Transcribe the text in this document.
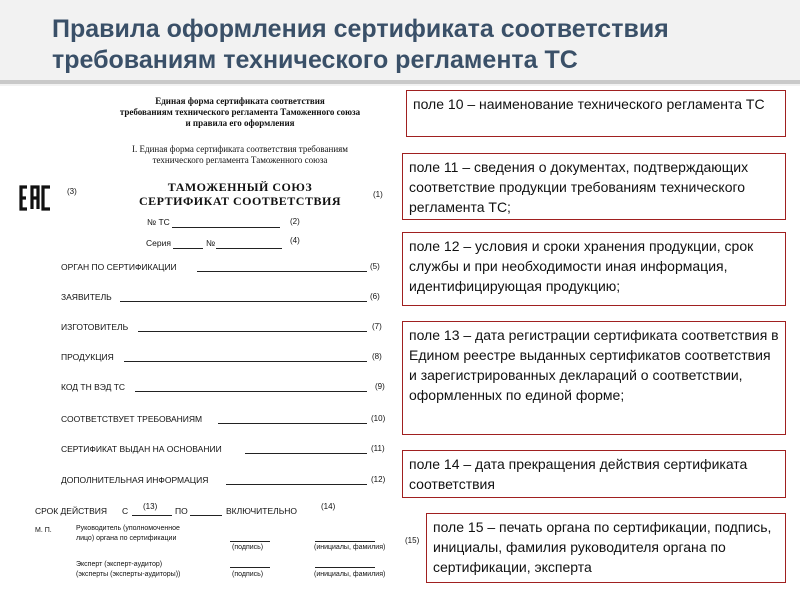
Правила оформления сертификата соответствия
требованиям технического регламента ТС
Единая форма сертификата соответствия
требованиям технического регламента Таможенного союза
и правила его оформления
I. Единая форма сертификата соответствия требованиям
технического регламента Таможенного союза
(3)	ТАМОЖЕННЫЙ СОЮЗ
СЕРТИФИКАТ СООТВЕТСТВИЯ	(1)
№ ТС	(2)
Серия	№	(4)
ОРГАН ПО СЕРТИФИКАЦИИ	(5)
ЗАЯВИТЕЛЬ	(6)
ИЗГОТОВИТЕЛЬ	(7)
ПРОДУКЦИЯ	(8)
КОД ТН ВЭД ТС	(9)
СООТВЕТСТВУЕТ ТРЕБОВАНИЯМ	(10)
СЕРТИФИКАТ ВЫДАН НА ОСНОВАНИИ	(11)
ДОПОЛНИТЕЛЬНАЯ ИНФОРМАЦИЯ	(12)
(13)	(14)
СРОК ДЕЙСТВИЯ С	ПО	ВКЛЮЧИТЕЛЬНО
М. П.	Руководитель (уполномоченное
лицо) органа по сертификации
(подпись)	(инициалы, фамилия)
(15)
Эксперт (эксперт-аудитор)
(эксперты (эксперты-аудиторы))	(подпись)	(инициалы, фамилия)
поле 10 – наименование технического регламента ТС
поле 11 – сведения о документах, подтверждающих соответствие продукции требованиям технического регламента ТС;
поле 12 – условия и сроки хранения продукции, срок службы и при необходимости иная информация, идентифицирующая продукцию;
поле 13 – дата регистрации сертификата соответствия в Едином реестре выданных сертификатов соответствия и зарегистрированных деклараций о соответствии, оформленных по единой форме;
поле 14 – дата прекращения действия сертификата соответствия
поле 15 – печать органа по сертификации, подпись, инициалы, фамилия руководителя органа по сертификации, эксперта
